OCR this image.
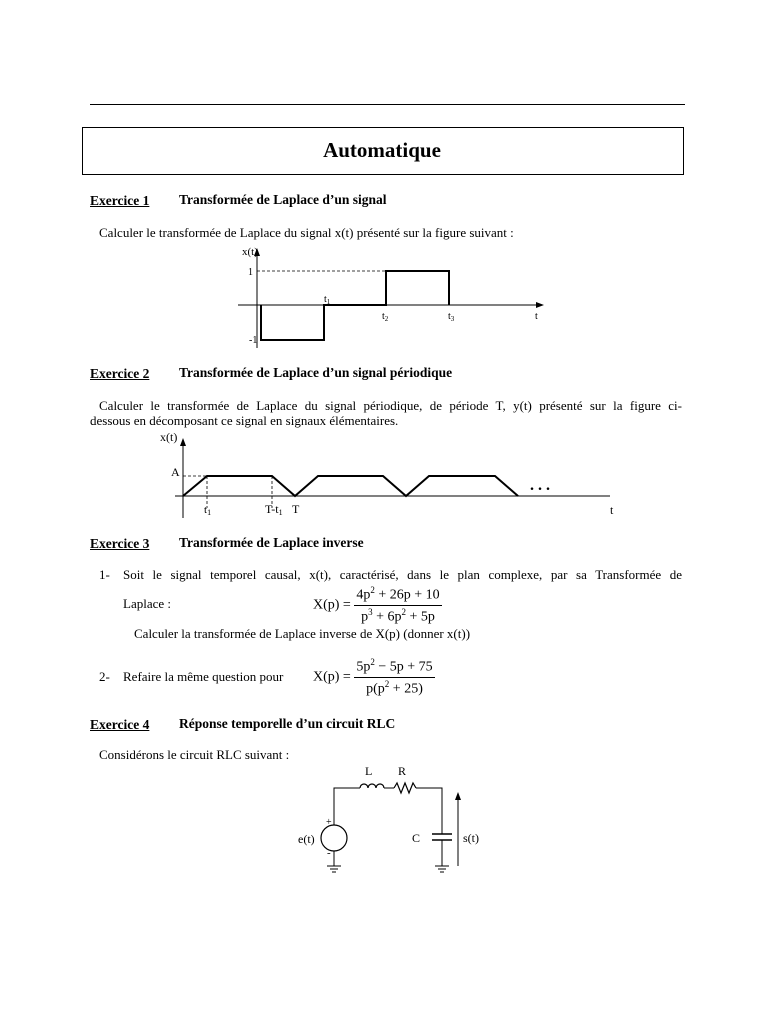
Automatique
Exercice 1 Transformée de Laplace d’un signal
Calculer le transformée de Laplace du signal x(t) présenté sur la figure suivant :
x(t)
1
-1
$t_1$
$t_2$	$t_3$	t
Exercice 2 Transformée de Laplace d’un signal périodique
Calculer le transformée de Laplace du signal périodique, de période T, y(t) présenté sur la figure ci-
dessous en décomposant ce signal en signaux élémentaires.
x(t)
A
t1	T-t1 T
. . .
t
Exercice 3 Transformée de Laplace inverse
1- Soit le signal temporel causal, x(t), caractérisé, dans le plan complexe, par sa Transformée de
Laplace :	$X(p) = \frac{4p^2 + 26p + 10}{p^3 + 6p^2 + 5p}$
Calculer la transformée de Laplace inverse de X(p) (donner x(t))
2- Refaire la même question pour $X(p) = \frac{5p^2 - 5p + 75}{p(p^2 + 25)}$
Exercice 4 Réponse temporelle d’un circuit RLC
Considérons le circuit RLC suivant :
L R
C
e(t)	s(t)
+
-
